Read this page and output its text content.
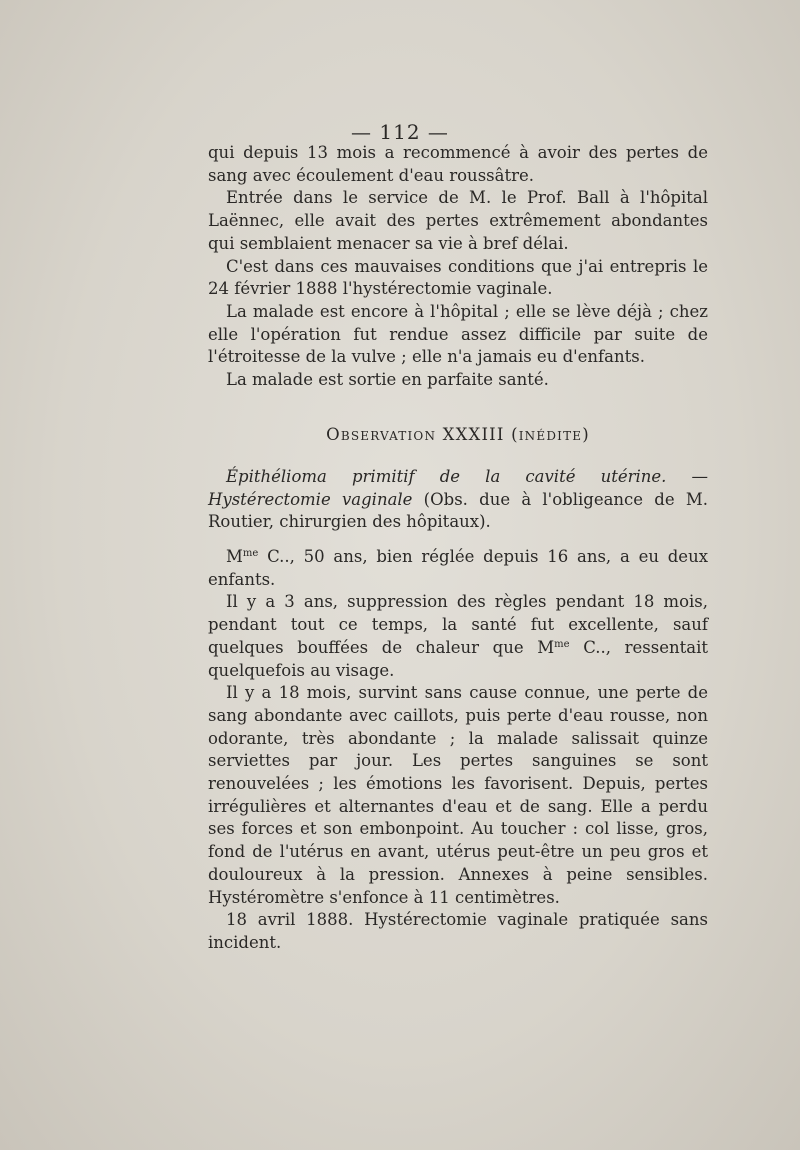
— 112 —

qui depuis 13 mois a recommencé à avoir des pertes de sang avec écoulement d'eau roussâtre.

Entrée dans le service de M. le Prof. Ball à l'hôpital Laënnec, elle avait des pertes extrêmement abondantes qui semblaient menacer sa vie à bref délai.

C'est dans ces mauvaises conditions que j'ai entrepris le 24 février 1888 l'hystérectomie vaginale.

La malade est encore à l'hôpital ; elle se lève déjà ; chez elle l'opération fut rendue assez difficile par suite de l'étroitesse de la vulve ; elle n'a jamais eu d'enfants.

La malade est sortie en parfaite santé.

Observation XXXIII (inédite)

Épithélioma primitif de la cavité utérine. — Hystérectomie vaginale (Obs. due à l'obligeance de M. Routier, chirurgien des hôpitaux).

$M^{me}$ C.., 50 ans, bien réglée depuis 16 ans, a eu deux enfants.

Il y a 3 ans, suppression des règles pendant 18 mois, pendant tout ce temps, la santé fut excellente, sauf quelques bouffées de chaleur que $M^{me}$ C.., ressentait quelquefois au visage.

Il y a 18 mois, survint sans cause connue, une perte de sang abondante avec caillots, puis perte d'eau rousse, non odorante, très abondante ; la malade salissait quinze serviettes par jour. Les pertes sanguines se sont renouvelées ; les émotions les favorisent. Depuis, pertes irrégulières et alternantes d'eau et de sang. Elle a perdu ses forces et son embonpoint. Au toucher : col lisse, gros, fond de l'utérus en avant, utérus peut-être un peu gros et douloureux à la pression. Annexes à peine sensibles. Hystéromètre s'enfonce à 11 centimètres.

18 avril 1888. Hystérectomie vaginale pratiquée sans incident.
